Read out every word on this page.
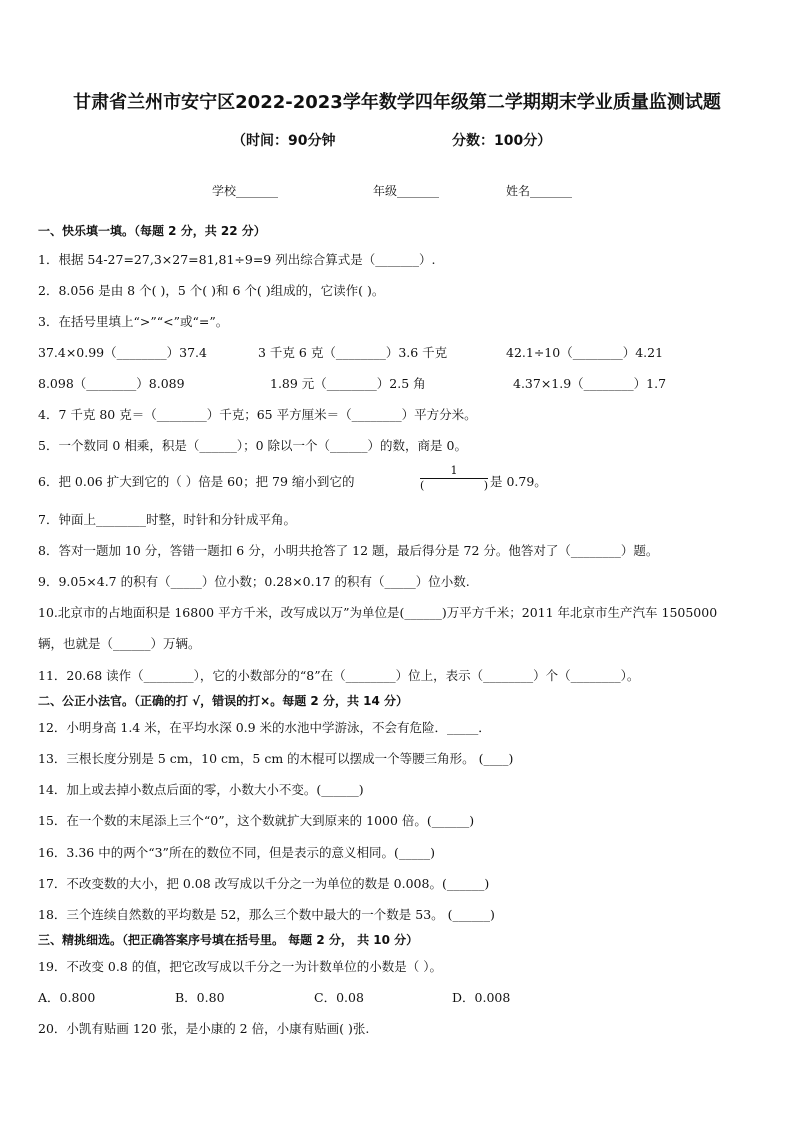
甘肃省兰州市安宁区2022-2023学年数学四年级第二学期期末学业质量监测试题
（时间：90分钟	分数：100分）
学校_______	年级_______	姓名_______
一、快乐填一填。（每题 2 分，共 22 分）
1．根据 54-27=27,3×27=81,81÷9=9 列出综合算式是（_______）.
2．8.056 是由 8 个( )，5 个( )和 6 个( )组成的，它读作( )。
3．在括号里填上“>”“<”或“=”。
37.4×0.99（________）37.4	3 千克 6 克（________）3.6 千克	42.1÷10（________）4.21
8.098（________）8.089	1.89 元（________）2.5 角	4.37×1.9（________）1.7
4．7 千克 80 克＝（________）千克；65 平方厘米＝（________）平方分米。
5．一个数同 0 相乘，积是（______）；0 除以一个（______）的数，商是 0。
6．把 0.06 扩大到它的（ ）倍是 60；把 79 缩小到它的
1
(	) 是 0.79。
7．钟面上________时整，时针和分针成平角。
8．答对一题加 10 分，答错一题扣 6 分，小明共抢答了 12 题，最后得分是 72 分。他答对了（________）题。
9．9.05×4.7 的积有（_____）位小数；0.28×0.17 的积有（_____）位小数.
10.北京市的占地面积是 16800 平方千米，改写成以万”为单位是(______)万平方千米；2011 年北京市生产汽车 1505000
辆，也就是（______）万辆。
11．20.68 读作（________），它的小数部分的“8”在（________）位上，表示（________）个（________）。
二、公正小法官。（正确的打 √，错误的打×。每题 2 分，共 14 分）
12．小明身高 1.4 米，在平均水深 0.9 米的水池中学游泳，不会有危险．_____．
13．三根长度分别是 5 cm，10 cm，5 cm 的木棍可以摆成一个等腰三角形。 (____)
14．加上或去掉小数点后面的零，小数大小不变。(______)
15．在一个数的末尾添上三个“0”，这个数就扩大到原来的 1000 倍。(______)
16．3.36 中的两个“3”所在的数位不同，但是表示的意义相同。(_____)
17．不改变数的大小，把 0.08 改写成以千分之一为单位的数是 0.008。(______)
18．三个连续自然数的平均数是 52，那么三个数中最大的一个数是 53。 (______)
三、精挑细选。（把正确答案序号填在括号里。 每题 2 分， 共 10 分）
19．不改变 0.8 的值，把它改写成以千分之一为计数单位的小数是（ ）。
A．0.800	B．0.80	C．0.08	D．0.008
20．小凯有贴画 120 张，是小康的 2 倍，小康有贴画( )张.
